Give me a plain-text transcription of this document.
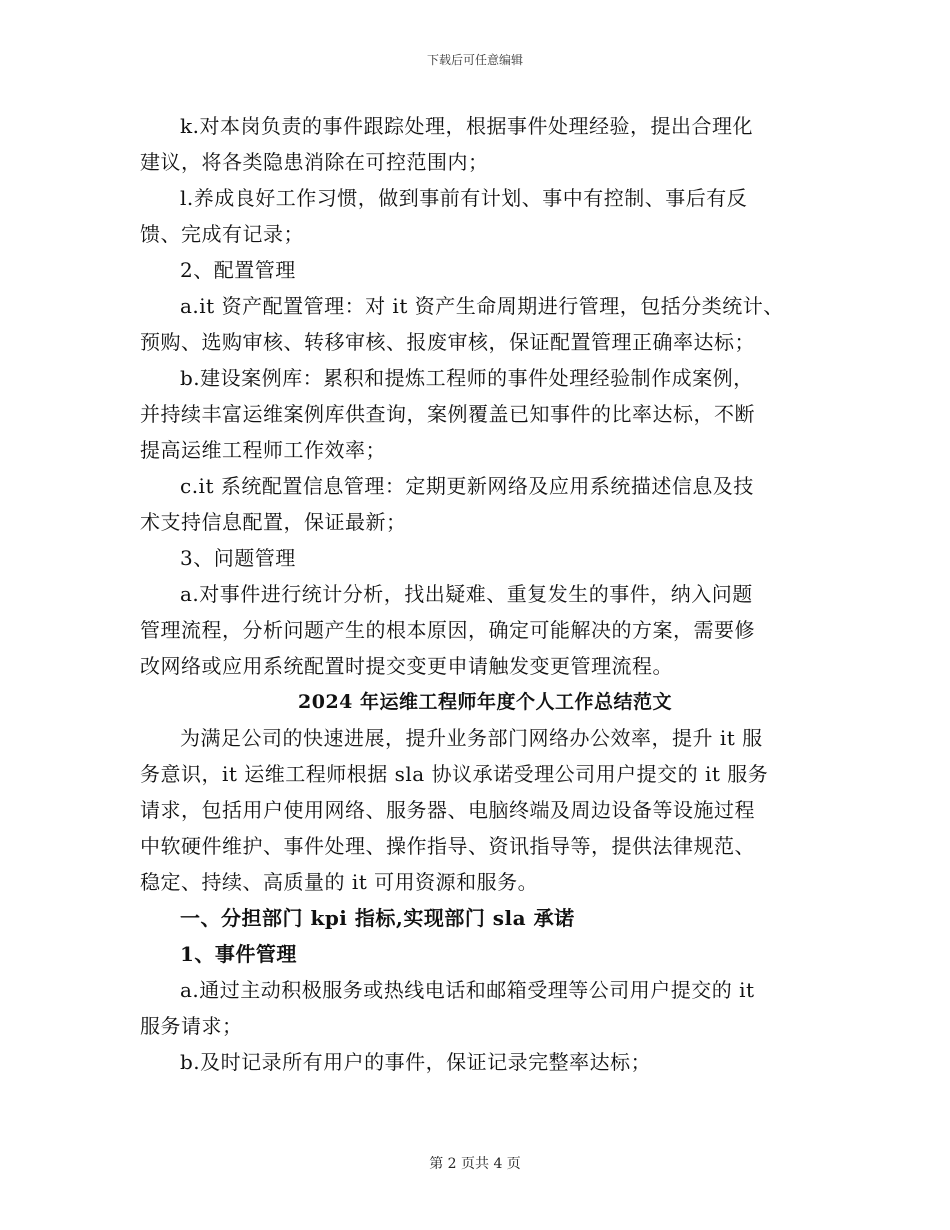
下载后可任意编辑
k.对本岗负责的事件跟踪处理，根据事件处理经验，提出合理化
建议，将各类隐患消除在可控范围内；
l.养成良好工作习惯，做到事前有计划、事中有控制、事后有反
馈、完成有记录；
2、配置管理
a.it 资产配置管理：对 it 资产生命周期进行管理，包括分类统计、
预购、选购审核、转移审核、报废审核，保证配置管理正确率达标；
b.建设案例库：累积和提炼工程师的事件处理经验制作成案例，
并持续丰富运维案例库供查询，案例覆盖已知事件的比率达标，不断
提高运维工程师工作效率；
c.it 系统配置信息管理：定期更新网络及应用系统描述信息及技
术支持信息配置，保证最新；
3、问题管理
a.对事件进行统计分析，找出疑难、重复发生的事件，纳入问题
管理流程，分析问题产生的根本原因，确定可能解决的方案，需要修
改网络或应用系统配置时提交变更申请触发变更管理流程。
2024 年运维工程师年度个人工作总结范文
为满足公司的快速进展，提升业务部门网络办公效率，提升 it 服
务意识，it 运维工程师根据 sla 协议承诺受理公司用户提交的 it 服务
请求，包括用户使用网络、服务器、电脑终端及周边设备等设施过程
中软硬件维护、事件处理、操作指导、资讯指导等，提供法律规范、
稳定、持续、高质量的 it 可用资源和服务。
一、分担部门 kpi 指标,实现部门 sla 承诺
1、事件管理
a.通过主动积极服务或热线电话和邮箱受理等公司用户提交的 it
服务请求；
b.及时记录所有用户的事件，保证记录完整率达标；
第 2 页共 4 页
